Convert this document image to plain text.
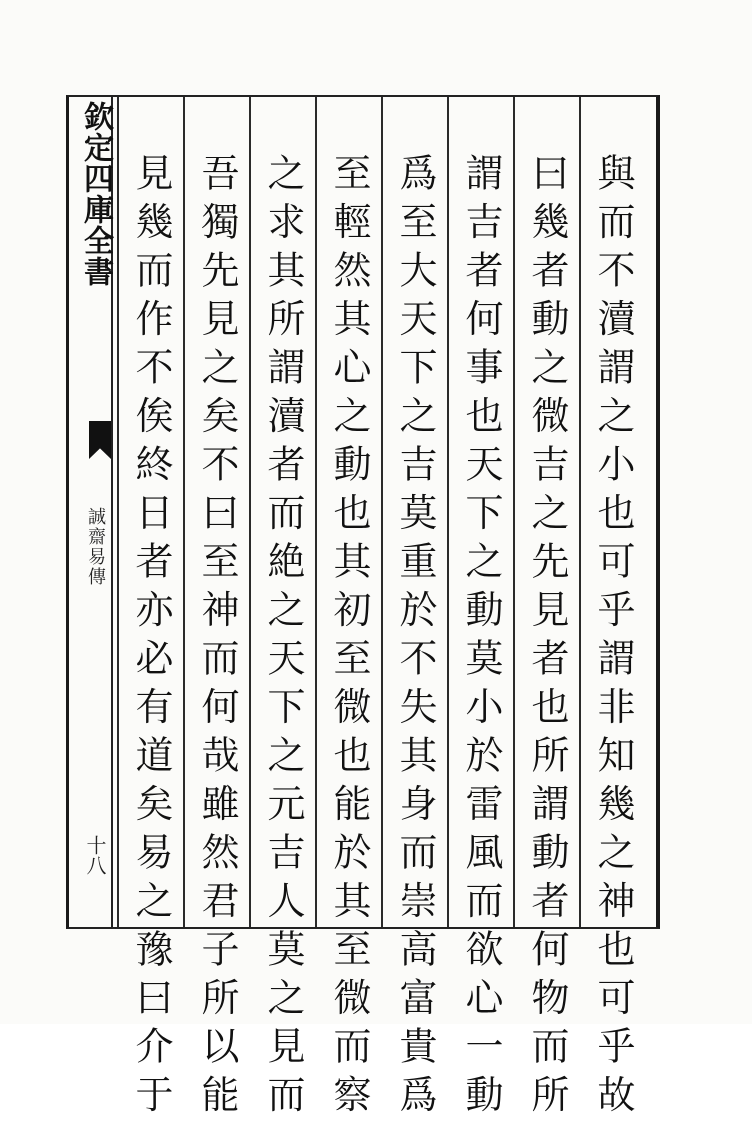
欽定四庫全書
誠齋易傳
十八	與而不瀆謂之小也可乎謂非知幾之神也可乎故
曰幾者動之微吉之先見者也所謂動者何物而所
謂吉者何事也天下之動莫小於雷風而欲心一動
爲至大天下之吉莫重於不失其身而崇高富貴爲
至輕然其心之動也其初至微也能於其至微而察
之求其所謂瀆者而絶之天下之元吉人莫之見而
吾獨先見之矣不曰至神而何哉雖然君子所以能
見幾而作不俟終日者亦必有道矣易之豫曰介于
